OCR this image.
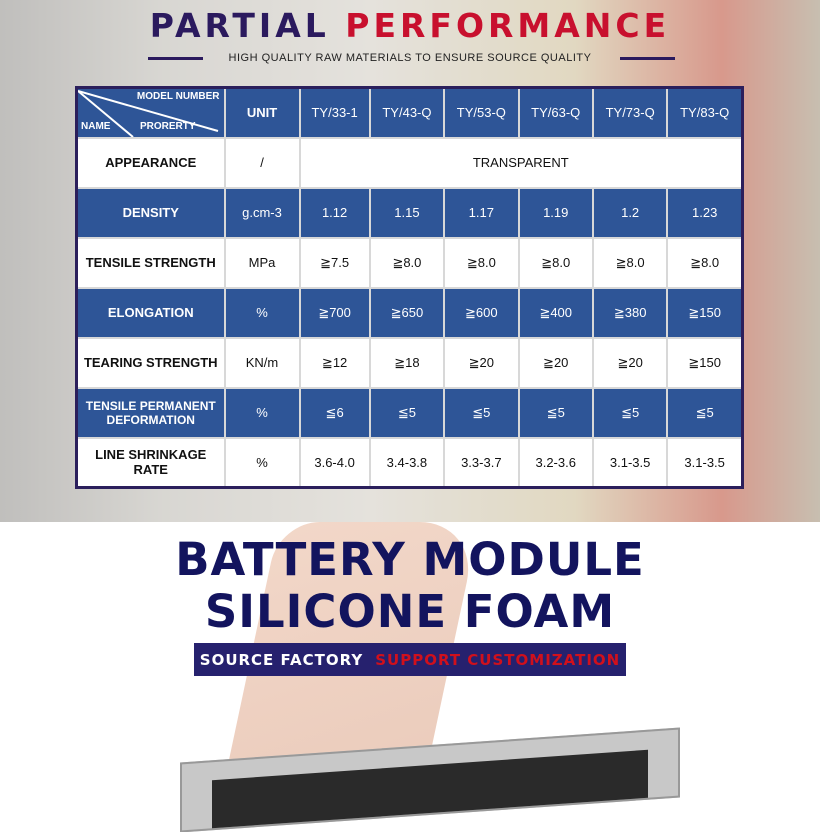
PARTIAL PERFORMANCE
HIGH QUALITY RAW MATERIALS TO ENSURE SOURCE QUALITY
MODEL NUMBER
NAME PRORERTY	UNIT	TY/33-1	TY/43-Q	TY/53-Q	TY/63-Q	TY/73-Q	TY/83-Q
APPEARANCE	/	TRANSPARENT					
DENSITY	g.cm-3	1.12	1.15	1.17	1.19	1.2	1.23
TENSILE STRENGTH	MPa	≧7.5	≧8.0	≧8.0	≧8.0	≧8.0	≧8.0
ELONGATION	%	≧700	≧650	≧600	≧400	≧380	≧150
TEARING STRENGTH	KN/m	≧12	≧18	≧20	≧20	≧20	≧150
TENSILE PERMANENT DEFORMATION	%	≦6	≦5	≦5	≦5	≦5	≦5
LINE SHRINKAGE RATE	%	3.6-4.0	3.4-3.8	3.3-3.7	3.2-3.6	3.1-3.5	3.1-3.5
BATTERY MODULE
SILICONE FOAM
SOURCE FACTORY SUPPORT CUSTOMIZATION
